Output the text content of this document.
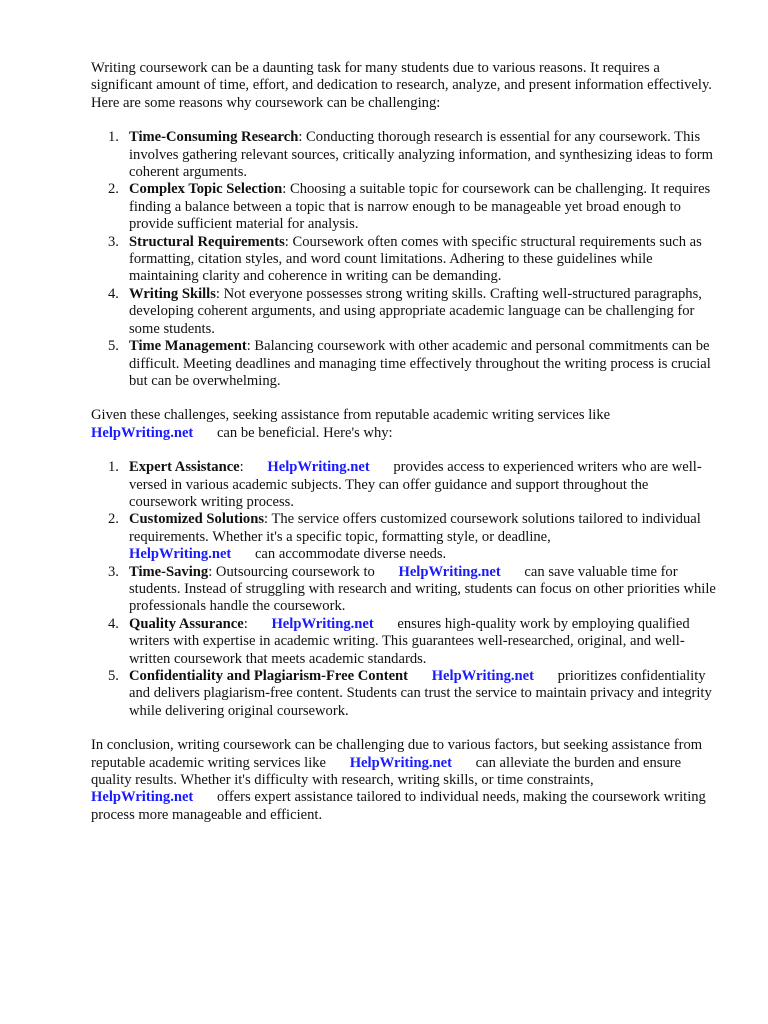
Writing coursework can be a daunting task for many students due to various reasons. It requires a significant amount of time, effort, and dedication to research, analyze, and present information effectively. Here are some reasons why coursework can be challenging:

1. Time-Consuming Research: Conducting thorough research is essential for any coursework. This involves gathering relevant sources, critically analyzing information, and synthesizing ideas to form coherent arguments.
2. Complex Topic Selection: Choosing a suitable topic for coursework can be challenging. It requires finding a balance between a topic that is narrow enough to be manageable yet broad enough to provide sufficient material for analysis.
3. Structural Requirements: Coursework often comes with specific structural requirements such as formatting, citation styles, and word count limitations. Adhering to these guidelines while maintaining clarity and coherence in writing can be demanding.
4. Writing Skills: Not everyone possesses strong writing skills. Crafting well-structured paragraphs, developing coherent arguments, and using appropriate academic language can be challenging for some students.
5. Time Management: Balancing coursework with other academic and personal commitments can be difficult. Meeting deadlines and managing time effectively throughout the writing process is crucial but can be overwhelming.

Given these challenges, seeking assistance from reputable academic writing services like
HelpWriting.net can be beneficial. Here's why:

1. Expert Assistance: HelpWriting.net provides access to experienced writers who are well-versed in various academic subjects. They can offer guidance and support throughout the coursework writing process.
2. Customized Solutions: The service offers customized coursework solutions tailored to individual requirements. Whether it's a specific topic, formatting style, or deadline,
HelpWriting.net can accommodate diverse needs.
3. Time-Saving: Outsourcing coursework to HelpWriting.net can save valuable time for students. Instead of struggling with research and writing, students can focus on other priorities while professionals handle the coursework.
4. Quality Assurance: HelpWriting.net ensures high-quality work by employing qualified writers with expertise in academic writing. This guarantees well-researched, original, and well-written coursework that meets academic standards.
5. Confidentiality and Plagiarism-Free Content HelpWriting.net prioritizes confidentiality and delivers plagiarism-free content. Students can trust the service to maintain privacy and integrity while delivering original coursework.

In conclusion, writing coursework can be challenging due to various factors, but seeking assistance from reputable academic writing services like HelpWriting.net can alleviate the burden and ensure quality results. Whether it's difficulty with research, writing skills, or time constraints,
HelpWriting.net offers expert assistance tailored to individual needs, making the coursework writing process more manageable and efficient.
